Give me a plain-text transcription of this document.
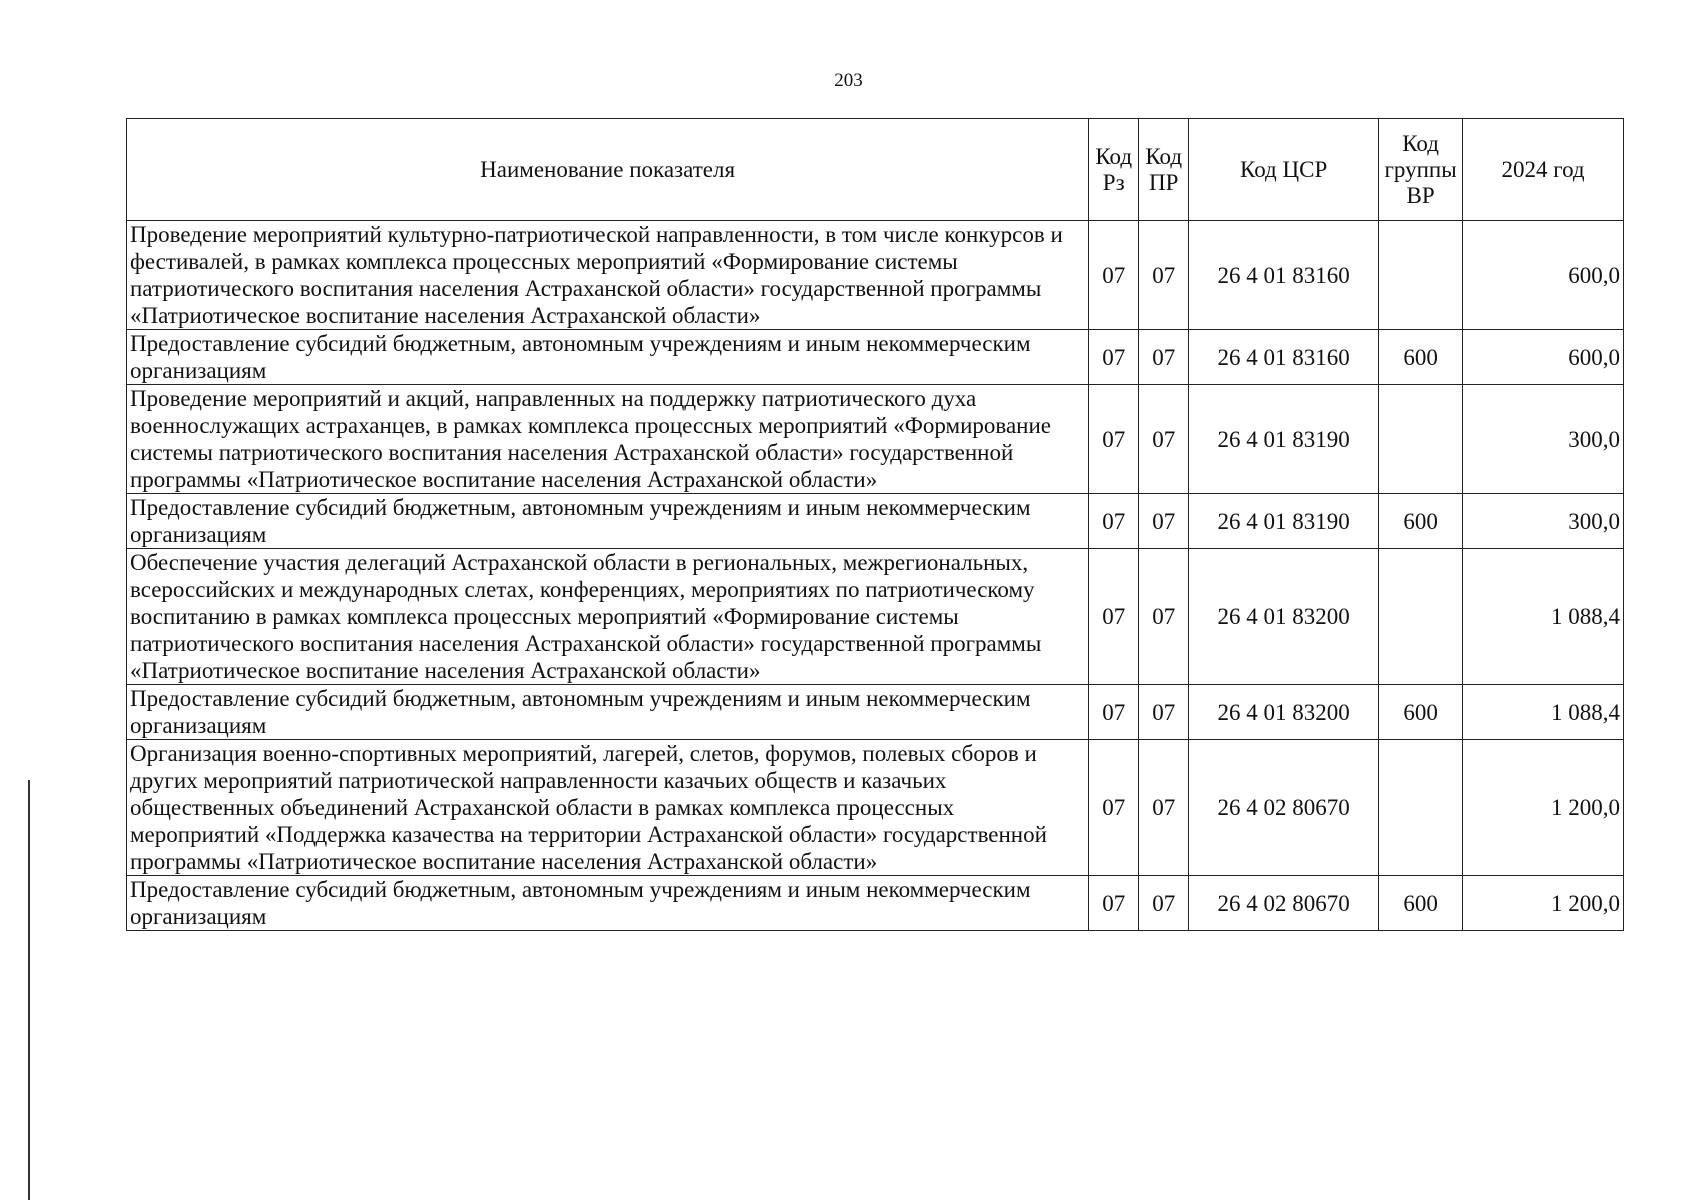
203
Наименование показателя	Код Рз	Код ПР	Код ЦСР	Код группы ВР	2024 год
Проведение мероприятий культурно-патриотической направленности, в том числе конкурсов и фестивалей, в рамках комплекса процессных мероприятий «Формирование системы патриотического воспитания населения Астраханской области» государственной программы «Патриотическое воспитание населения Астраханской области»	07	07	26 4 01 83160		600,0
Предоставление субсидий бюджетным, автономным учреждениям и иным некоммерческим организациям	07	07	26 4 01 83160	600	600,0
Проведение мероприятий и акций, направленных на поддержку патриотического духа военнослужащих астраханцев, в рамках комплекса процессных мероприятий «Формирование системы патриотического воспитания населения Астраханской области» государственной программы «Патриотическое воспитание населения Астраханской области»	07	07	26 4 01 83190		300,0
Предоставление субсидий бюджетным, автономным учреждениям и иным некоммерческим организациям	07	07	26 4 01 83190	600	300,0
Обеспечение участия делегаций Астраханской области в региональных, межрегиональных, всероссийских и международных слетах, конференциях, мероприятиях по патриотическому воспитанию в рамках комплекса процессных мероприятий «Формирование системы патриотического воспитания населения Астраханской области» государственной программы «Патриотическое воспитание населения Астраханской области»	07	07	26 4 01 83200		1 088,4
Предоставление субсидий бюджетным, автономным учреждениям и иным некоммерческим организациям	07	07	26 4 01 83200	600	1 088,4
Организация военно-спортивных мероприятий, лагерей, слетов, форумов, полевых сборов и других мероприятий патриотической направленности казачьих обществ и казачьих общественных объединений Астраханской области в рамках комплекса процессных мероприятий «Поддержка казачества на территории Астраханской области» государственной программы «Патриотическое воспитание населения Астраханской области»	07	07	26 4 02 80670		1 200,0
Предоставление субсидий бюджетным, автономным учреждениям и иным некоммерческим организациям	07	07	26 4 02 80670	600	1 200,0
